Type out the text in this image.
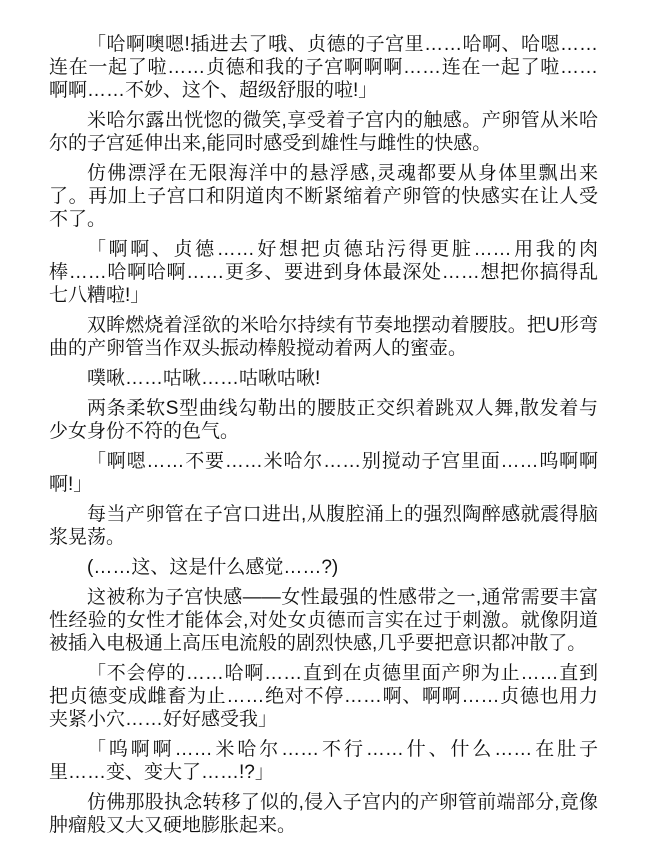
「哈啊噢嗯!插进去了哦、贞德的子宫里……哈啊、哈嗯……连在一起了啦……贞德和我的子宫啊啊啊……连在一起了啦……啊啊……不妙、这个、超级舒服的啦!」

米哈尔露出恍惚的微笑,享受着子宫内的触感。产卵管从米哈尔的子宫延伸出来,能同时感受到雄性与雌性的快感。

仿佛漂浮在无限海洋中的悬浮感,灵魂都要从身体里飘出来了。再加上子宫口和阴道肉不断紧缩着产卵管的快感实在让人受不了。

「啊啊、贞德……好想把贞德玷污得更脏……用我的肉棒……哈啊哈啊……更多、要进到身体最深处……想把你搞得乱七八糟啦!」

双眸燃烧着淫欲的米哈尔持续有节奏地摆动着腰肢。把U形弯曲的产卵管当作双头振动棒般搅动着两人的蜜壶。

噗啾……咕啾……咕啾咕啾!

两条柔软S型曲线勾勒出的腰肢正交织着跳双人舞,散发着与少女身份不符的色气。

「啊嗯……不要……米哈尔……别搅动子宫里面……呜啊啊啊!」

每当产卵管在子宫口进出,从腹腔涌上的强烈陶醉感就震得脑浆晃荡。

(……这、这是什么感觉……?)

这被称为子宫快感——女性最强的性感带之一,通常需要丰富性经验的女性才能体会,对处女贞德而言实在过于刺激。就像阴道被插入电极通上高压电流般的剧烈快感,几乎要把意识都冲散了。

「不会停的……哈啊……直到在贞德里面产卵为止……直到把贞德变成雌畜为止……绝对不停……啊、啊啊……贞德也用力夹紧小穴……好好感受我」

「呜啊啊……米哈尔……不行……什、什么……在肚子里……变、变大了……!?」

仿佛那股执念转移了似的,侵入子宫内的产卵管前端部分,竟像肿瘤般又大又硬地膨胀起来。
